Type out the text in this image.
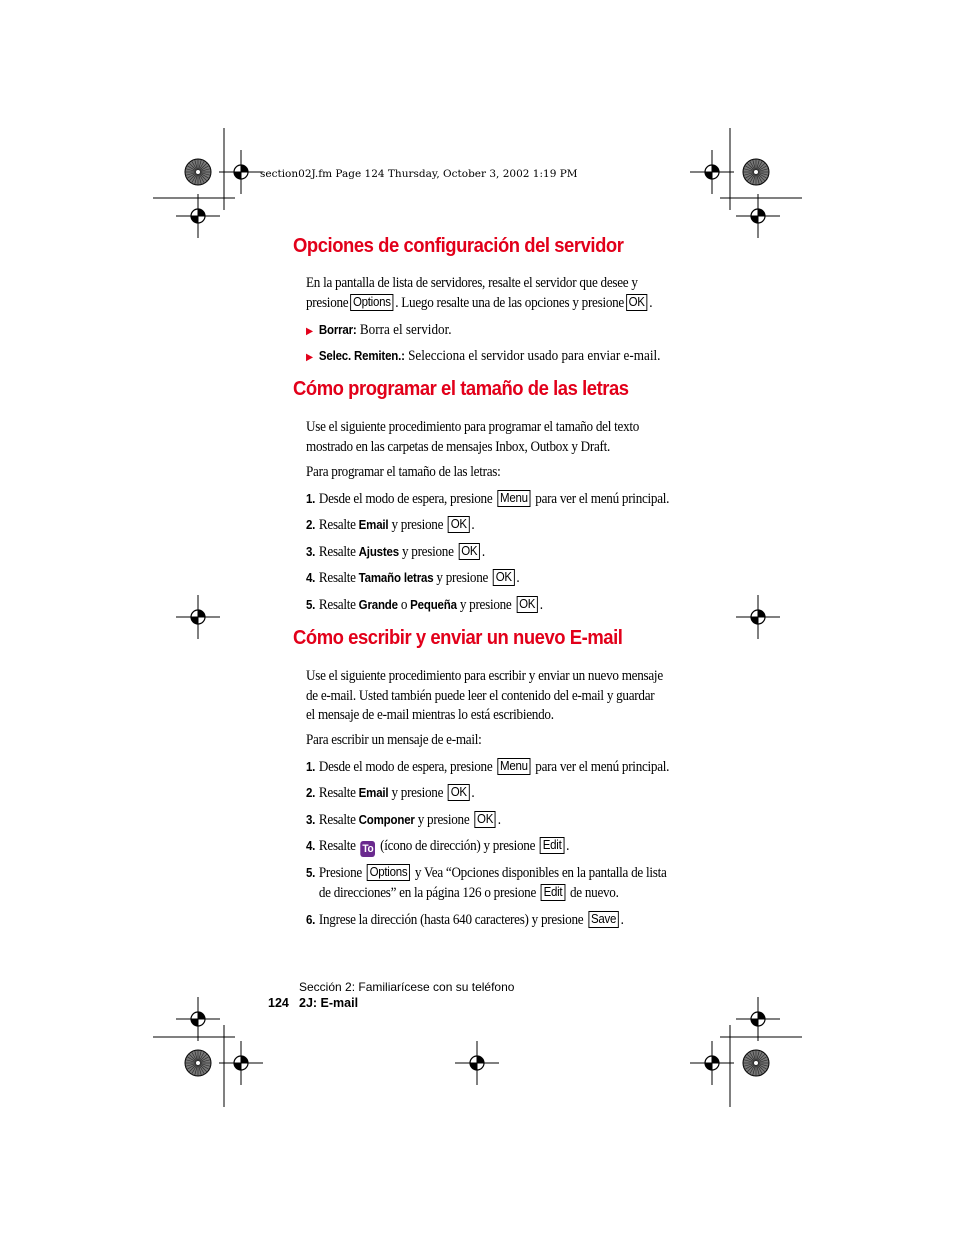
section02J.fm Page 124 Thursday, October 3, 2002 1:19 PM
Opciones de configuración del servidor
En la pantalla de lista de servidores, resalte el servidor que desee y
presione Options . Luego resalte una de las opciones y presione OK .
▶ Borrar: Borra el servidor.
▶ Selec. Remiten.: Selecciona el servidor usado para enviar e-mail.
Cómo programar el tamaño de las letras
Use el siguiente procedimiento para programar el tamaño del texto
mostrado en las carpetas de mensajes Inbox, Outbox y Draft.
Para programar el tamaño de las letras:
1. Desde el modo de espera, presione Menu para ver el menú principal.
2. Resalte Email y presione OK .
3. Resalte Ajustes y presione OK .
4. Resalte Tamaño letras y presione OK .
5. Resalte Grande o Pequeña y presione OK .
Cómo escribir y enviar un nuevo E-mail
Use el siguiente procedimiento para escribir y enviar un nuevo mensaje
de e-mail. Usted también puede leer el contenido del e-mail y guardar
el mensaje de e-mail mientras lo está escribiendo.
Para escribir un mensaje de e-mail:
1. Desde el modo de espera, presione Menu para ver el menú principal.
2. Resalte Email y presione OK .
3. Resalte Componer y presione OK .
4. Resalte To (ícono de dirección) y presione Edit .
5. Presione Options y Vea “Opciones disponibles en la pantalla de lista
de direcciones” en la página 126 o presione Edit de nuevo.
6. Ingrese la dirección (hasta 640 caracteres) y presione Save .
Sección 2: Familiarícese con su teléfono
124 2J: E-mail
